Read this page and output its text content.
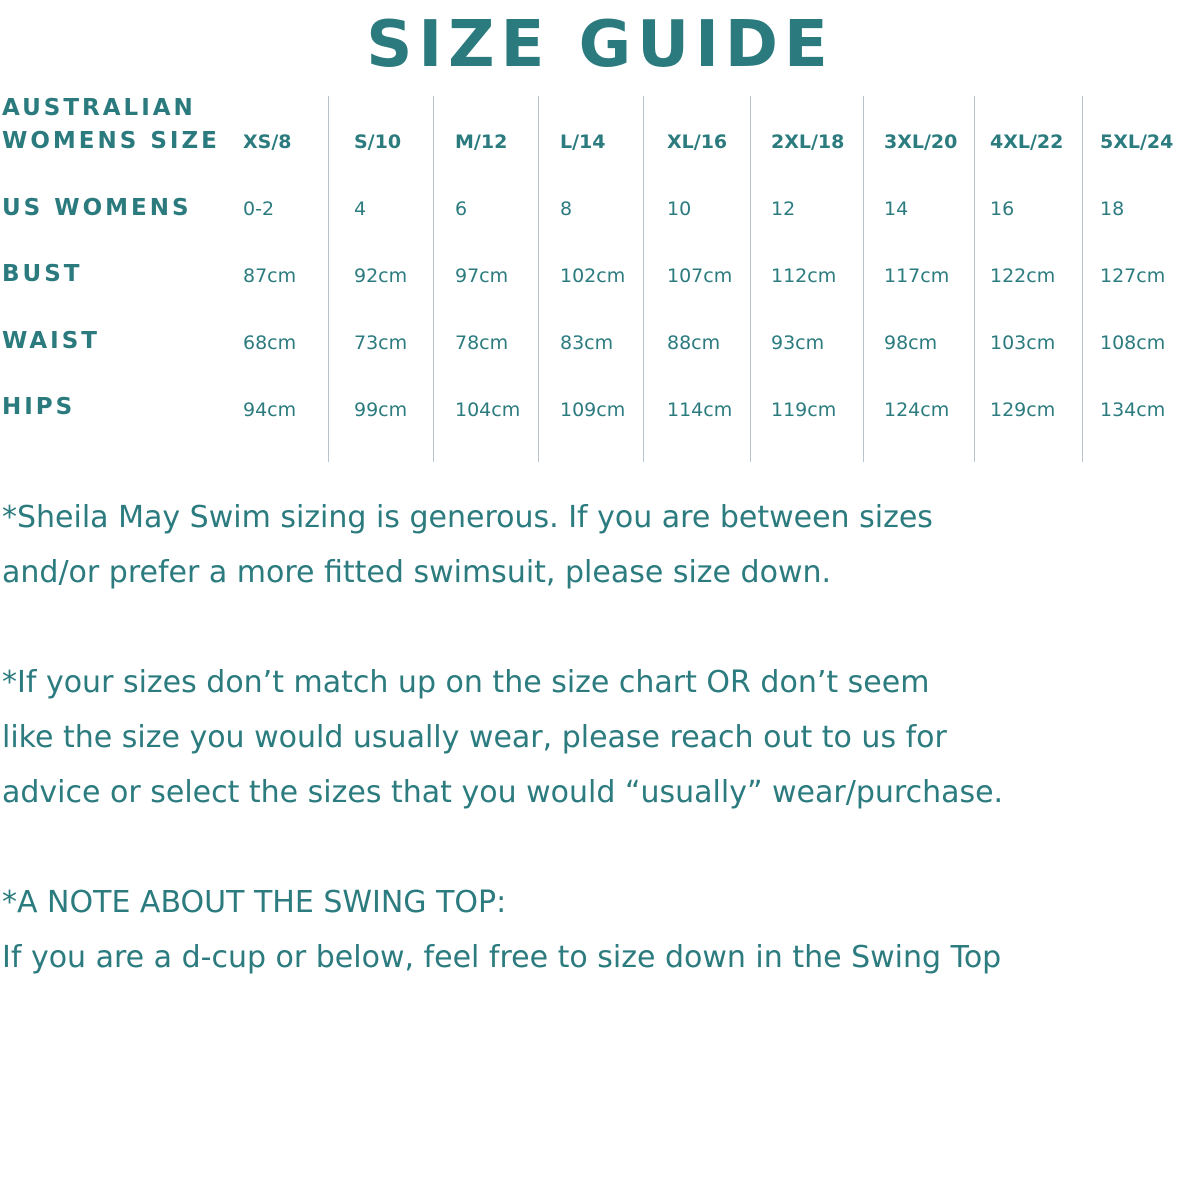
SIZE GUIDE
AUSTRALIAN
WOMENS SIZE XS/8	S/10	M/12	L/14	XL/16 2XL/18 3XL/20 4XL/22 5XL/24
US WOMENS	0-2	4	6	8	10	12	14	16	18
BUST	87cm	92cm	97cm	102cm 107cm 112cm	117cm 122cm 127cm
WAIST	68cm	73cm	78cm	83cm	88cm	93cm	98cm	103cm 108cm
HIPS	94cm	99cm	104cm 109cm 114cm 119cm	124cm 129cm 134cm

*Sheila May Swim sizing is generous. If you are between sizes

and/or prefer a more fitted swimsuit, please size down.

*If your sizes don’t match up on the size chart OR don’t seem

like the size you would usually wear, please reach out to us for

advice or select the sizes that you would “usually” wear/purchase.

*A NOTE ABOUT THE SWING TOP:

If you are a d-cup or below, feel free to size down in the Swing Top
